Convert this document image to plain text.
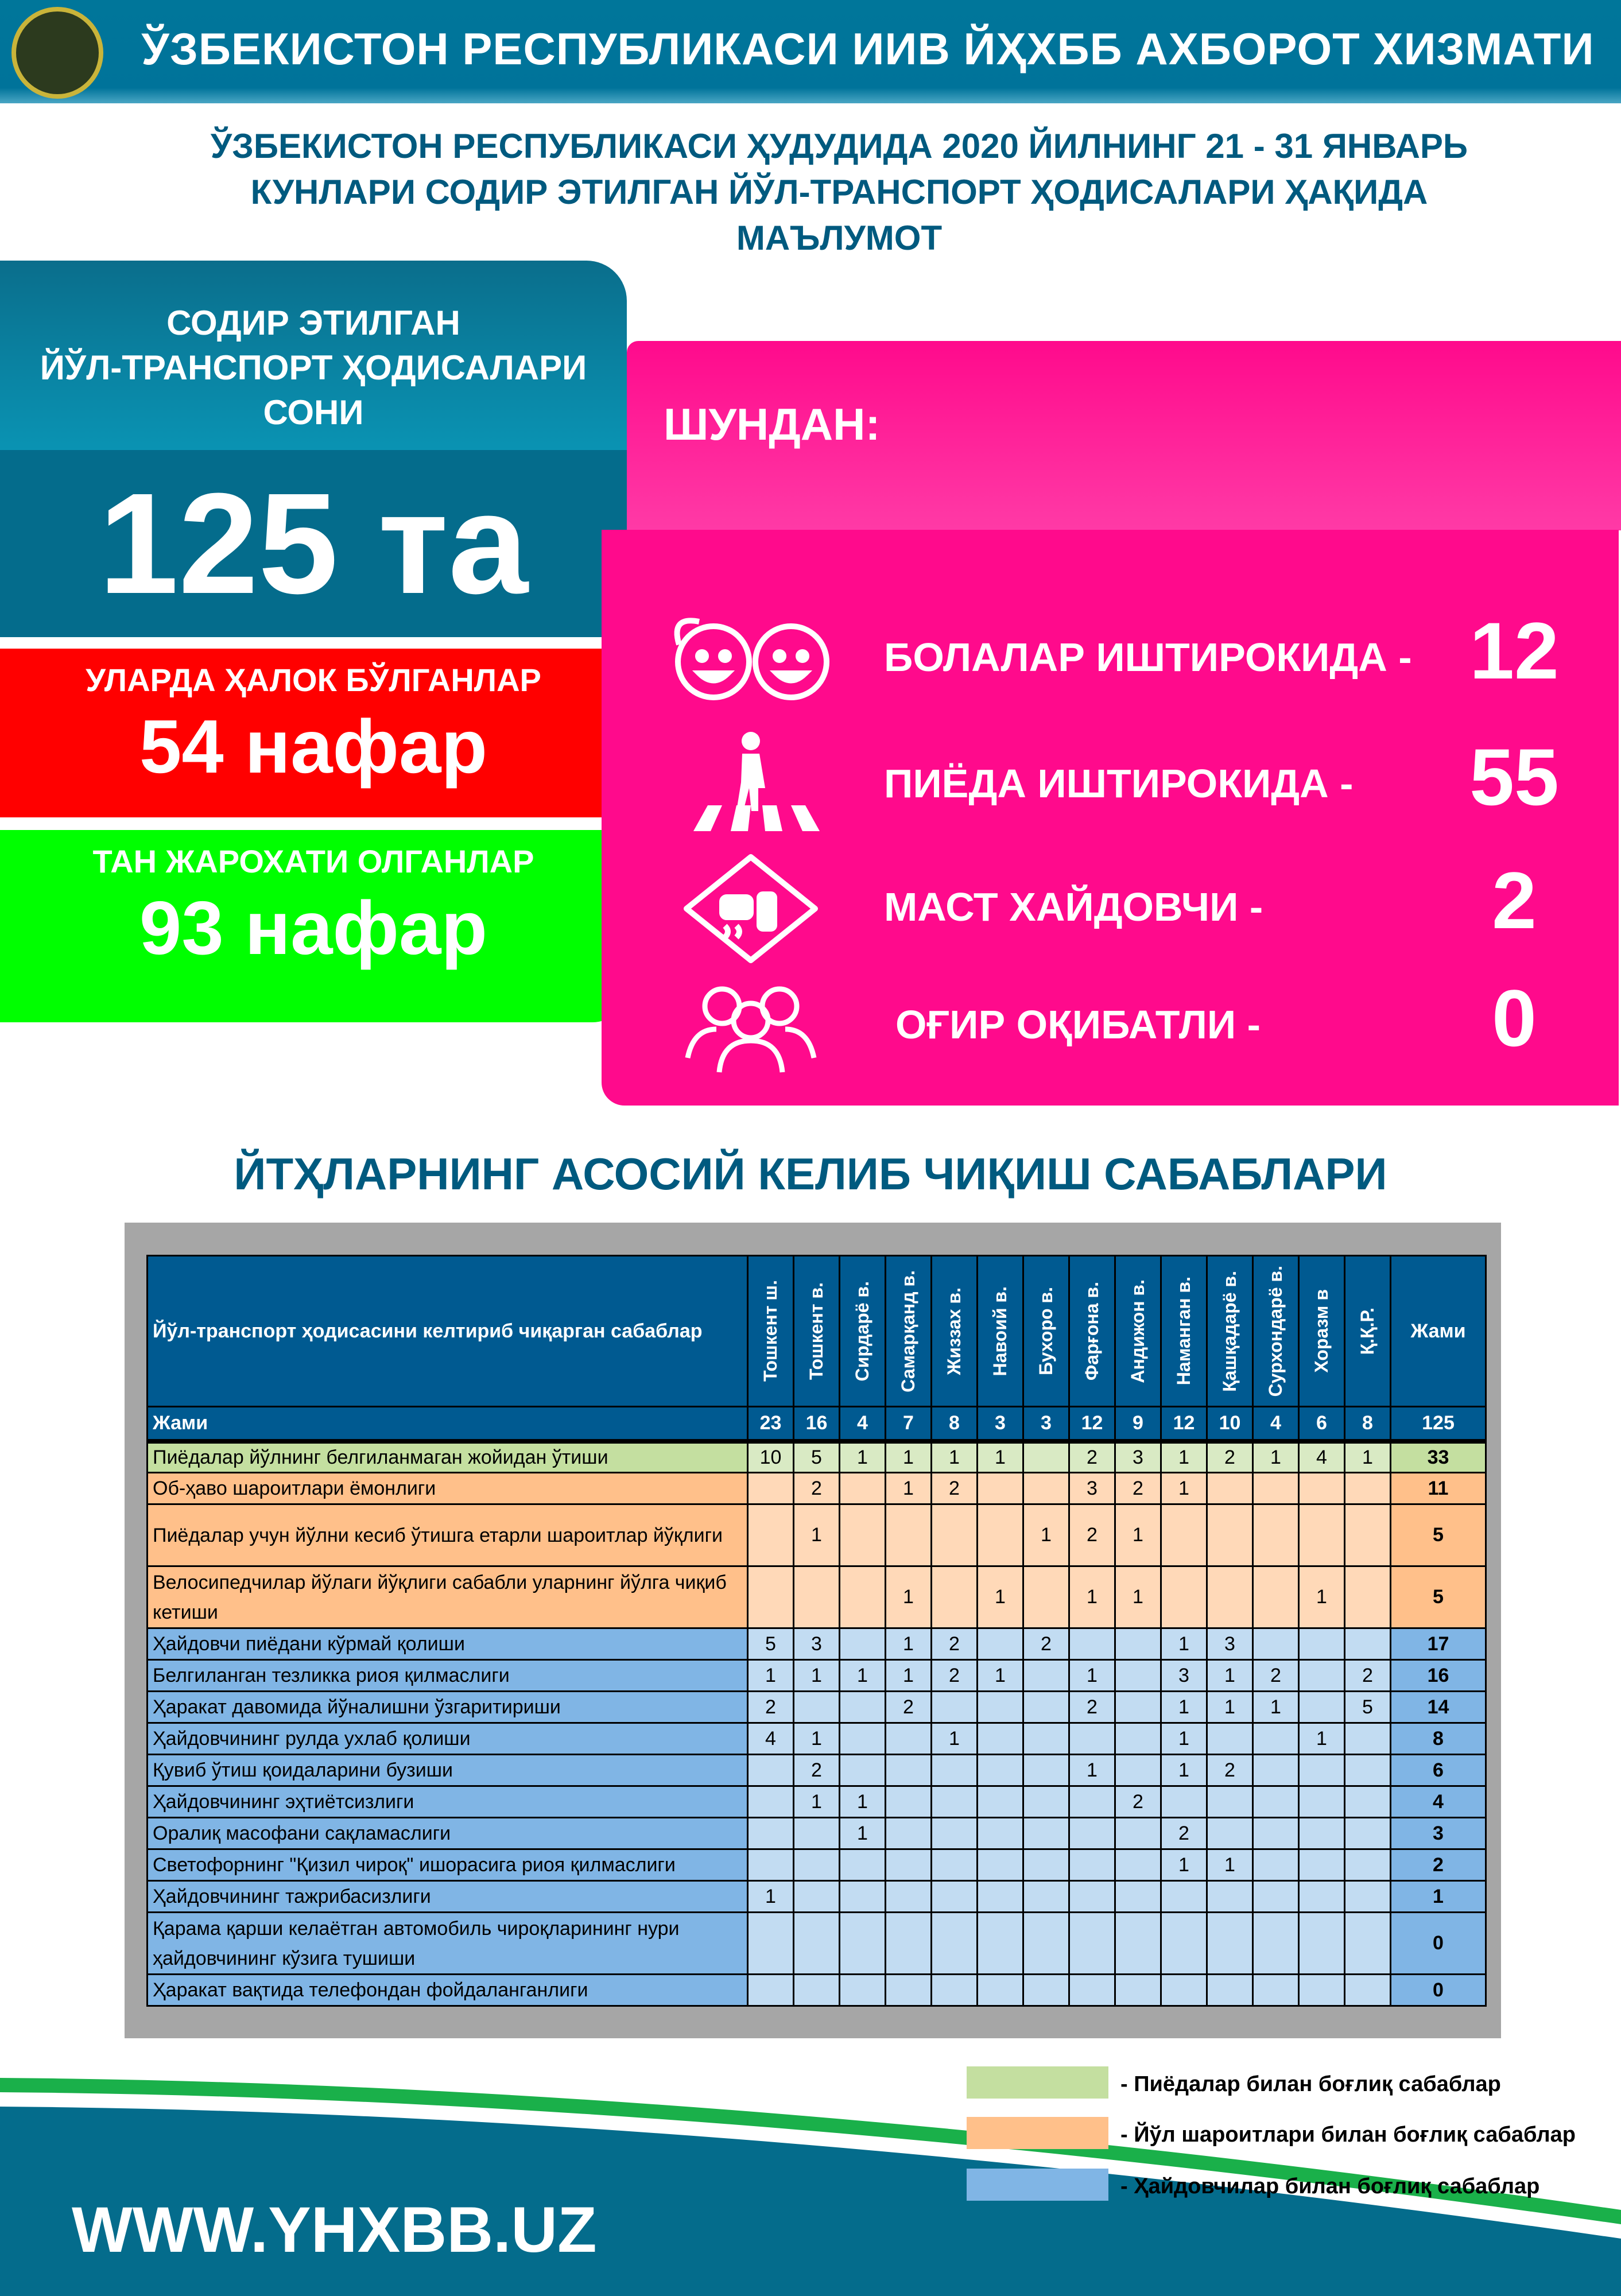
ЎЗБЕКИСТОН РЕСПУБЛИКАСИ ИИВ ЙҲХББ АХБОРОТ ХИЗМАТИ
ЎЗБЕКИСТОН РЕСПУБЛИКАСИ ҲУДУДИДА 2020 ЙИЛНИНГ 21 - 31 ЯНВАРЬ
КУНЛАРИ СОДИР ЭТИЛГАН ЙЎЛ-ТРАНСПОРТ ҲОДИСАЛАРИ ҲАҚИДА
МАЪЛУМОТ
СОДИР ЭТИЛГАН
ЙЎЛ-ТРАНСПОРТ ҲОДИСАЛАРИ
СОНИ
125 та
УЛАРДА ҲАЛОК БЎЛГАНЛАР
54 нафар
ТАН ЖАРОХАТИ ОЛГАНЛАР
93 нафар
ШУНДАН:
БОЛАЛАР ИШТИРОКИДА - 12
ПИЁДА ИШТИРОКИДА - 55
МАСТ ХАЙДОВЧИ -	2
ОҒИР ОҚИБАТЛИ -	0
ЙТҲЛАРНИНГ АСОСИЙ КЕЛИБ ЧИҚИШ САБАБЛАРИ
Йўл-транспорт ҳодисасини келтириб чиқарган сабаблар	Тошкент ш.	Тошкент в.	Сирдарё в.	Самарқанд в.	Жиззах в.	Навоий в.	Бухоро в.	Фарғона в.	Андижон в.	Наманган в.	Қашқадарё в.	Сурхондарё в.	Хоразм в	Қ.Қ.Р.	Жами
Жами	23	16	4	7	8	3	3	12	9	12	10	4	6	8	125
Пиёдалар йўлнинг белгиланмаган жойидан ўтиши	10	5	1	1	1	1		2	3	1	2	1	4	1	33
Об-ҳаво шароитлари ёмонлиги		2		1	2			3	2	1					11
Пиёдалар учун йўлни кесиб ўтишга етарли шароитлар йўқлиги		1					1	2	1						5
Велосипедчилар йўлаги йўқлиги сабабли уларнинг йўлга чиқиб кетиши				1		1		1	1				1		5
Ҳайдовчи пиёдани кўрмай қолиши	5	3		1	2		2			1	3				17
Белгиланган тезликка риоя қилмаслиги	1	1	1	1	2	1		1		3	1	2		2	16
Ҳаракат давомида йўналишни ўзгаритириши	2			2				2		1	1	1		5	14
Ҳайдовчининг рулда ухлаб қолиши	4	1			1					1			1		8
Қувиб ўтиш қоидаларини бузиши		2						1		1	2				6
Ҳайдовчининг эҳтиётсизлиги		1	1						2						4
Оралиқ масофани сақламаслиги			1							2					3
Светофорнинг "Қизил чироқ" ишорасига риоя қилмаслиги										1	1				2
Ҳайдовчининг тажрибасизлиги	1														1
Қарама қарши келаётган автомобиль чироқларининг нури ҳайдовчининг кўзига тушиши															0
Ҳаракат вақтида телефондан фойдаланганлиги															0
- Пиёдалар билан боғлиқ сабаблар
- Йўл шароитлари билан боғлиқ сабаблар
- Ҳайдовчилар билан боғлиқ сабаблар
WWW.YHXBB.UZ
